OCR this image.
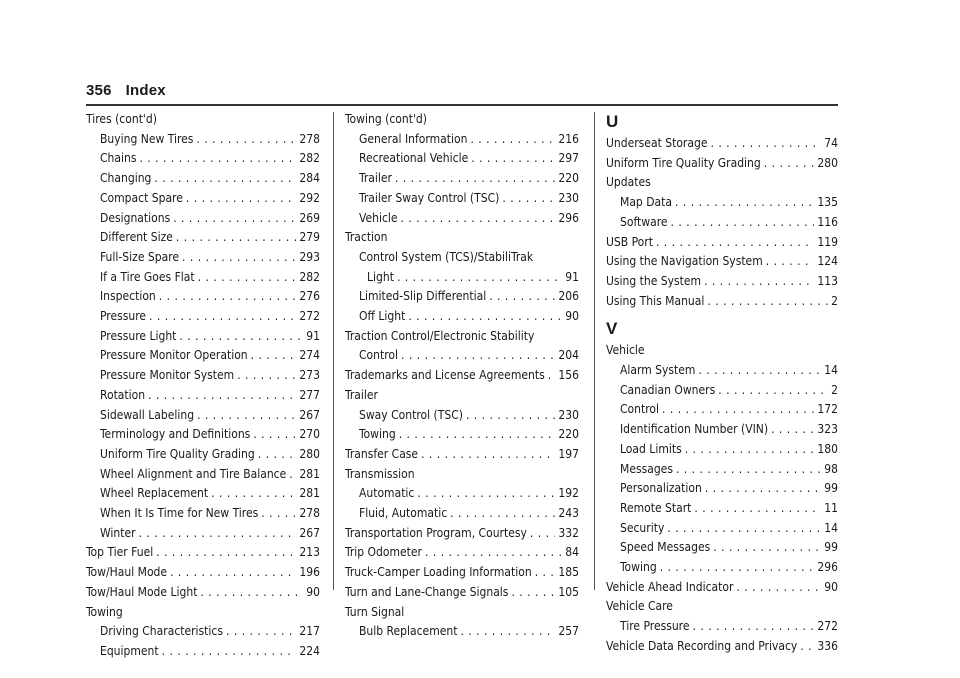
356 Index
Tires (cont'd)
Buying New Tires . . .	278
Chains . . .	282
Changing . . .	284
Compact Spare . . .	292
Designations . . .	269
Different Size . . .	279
Full-Size Spare . . .	293
If a Tire Goes Flat . . .	282
Inspection . . .	276
Pressure . . .	272
Pressure Light . . .	91
Pressure Monitor Operation . . .	274
Pressure Monitor System . . .	273
Rotation . . .	277
Sidewall Labeling . . .	267
Terminology and Definitions . . .	270
Uniform Tire Quality Grading . . .	280
Wheel Alignment and Tire Balance . . . 281
Wheel Replacement . . .	281
When It Is Time for New Tires . . .	278
Winter . . .	267
Top Tier Fuel . . .	213
Tow/Haul Mode . . .	196
Tow/Haul Mode Light . . .	90
Towing
Driving Characteristics . . .	217
Equipment . . .	224
Towing (cont'd)
General Information . . .	216
Recreational Vehicle . . .	297
Trailer . . .	220
Trailer Sway Control (TSC) . . .	230
Vehicle . . .	296
Traction
Control System (TCS)/StabiliTrak
Light . . .	91
Limited-Slip Differential . . .	206
Off Light . . .	90
Traction Control/Electronic Stability
Control . . .	204
Trademarks and License Agreements . . . 156
Trailer
Sway Control (TSC) . . .	230
Towing . . .	220
Transfer Case . . .	197
Transmission
Automatic . . .	192
Fluid, Automatic . . .	243
Transportation Program, Courtesy . . .	332
Trip Odometer . . .	84
Truck-Camper Loading Information . . . 185
Turn and Lane-Change Signals . . .	105
Turn Signal
Bulb Replacement . . .	257
U
Underseat Storage . . .	74
Uniform Tire Quality Grading . . .	280
Updates
Map Data . . .	135
Software . . .	116
USB Port . . .	119
Using the Navigation System . . .	124
Using the System . . .	113
Using This Manual . . .	2
V
Vehicle
Alarm System . . .	14
Canadian Owners . . .	2
Control . . .	172
Identification Number (VIN) . . .	323
Load Limits . . .	180
Messages . . .	98
Personalization . . .	99
Remote Start . . .	11
Security . . .	14
Speed Messages . . .	99
Towing . . .	296
Vehicle Ahead Indicator . . .	90
Vehicle Care
Tire Pressure . . .	272
Vehicle Data Recording and Privacy . . . 336
